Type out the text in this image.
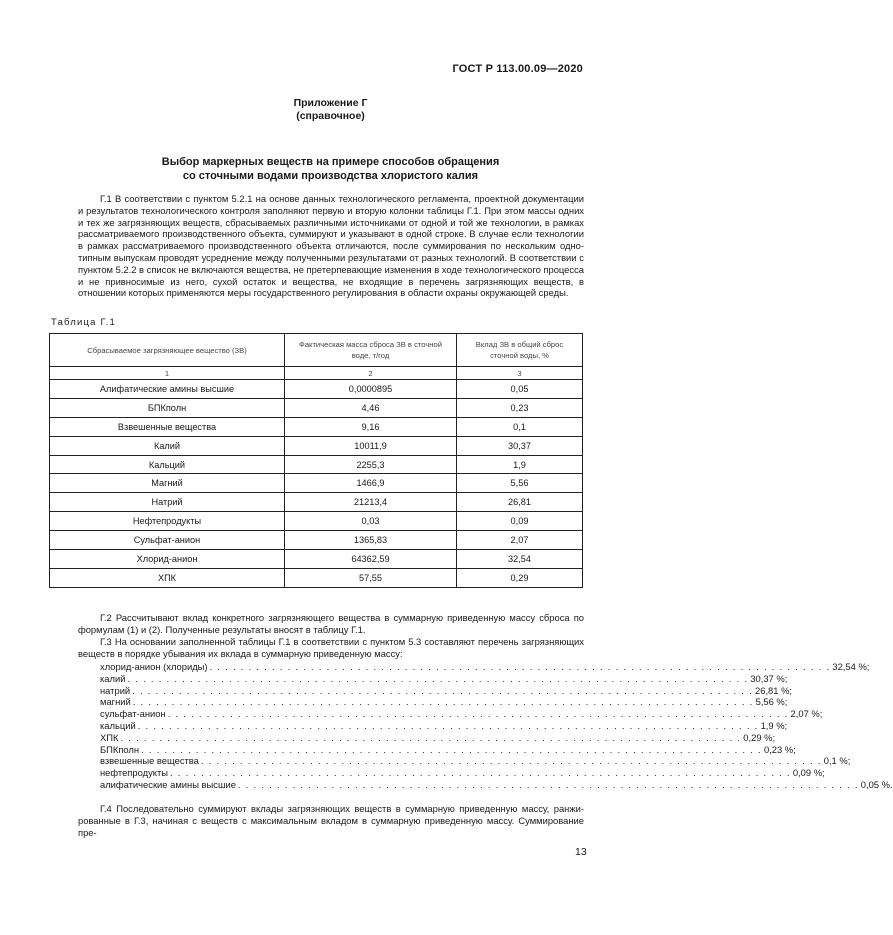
ГОСТ Р 113.00.09—2020
Приложение Г
(справочное)
Выбор маркерных веществ на примере способов обращения
со сточными водами производства хлористого калия
Г.1 В соответствии с пунктом 5.2.1 на основе данных технологического регламента, проектной документации и результатов технологического контроля заполняют первую и вторую колонки таблицы Г.1. При этом массы одних и тех же загрязняющих веществ, сбрасываемых различными источниками от одной и той же технологии, в рамках рассматриваемого производственного объекта, суммируют и указывают в одной строке. В случае если технологии в рамках рассматриваемого производственного объекта отличаются, после суммирования по нескольким однотипным выпускам проводят усреднение между полученными результатами от разных технологий. В соответствии с пунктом 5.2.2 в список не включаются вещества, не претерпевающие изменения в ходе технологического процесса и не привносимые из него, сухой остаток и вещества, не входящие в перечень загрязняющих веществ, в отношении которых применяются меры государственного регулирования в области охраны окружающей среды.
Таблица Г.1
Сбрасываемое загрязняющее вещество (ЗВ)	Фактическая масса сброса ЗВ в сточной воде, т/год	Вклад ЗВ в общий сброс сточной воды, %
1	2	3
Алифатические амины высшие	0,0000895	0,05
БПКполн	4,46	0,23
Взвешенные вещества	9,16	0,1
Калий	10011,9	30,37
Кальций	2255,3	1,9
Магний	1466,9	5,56
Натрий	21213,4	26,81
Нефтепродукты	0,03	0,09
Сульфат-анион	1365,83	2,07
Хлорид-анион	64362,59	32,54
ХПК	57,55	0,29
Г.2 Рассчитывают вклад конкретного загрязняющего вещества в суммарную приведенную массу сброса по формулам (1) и (2). Полученные результаты вносят в таблицу Г.1.
Г.3 На основании заполненной таблицы Г.1 в соответствии с пунктом 5.3 составляют перечень загрязняющих веществ в порядке убывания их вклада в суммарную приведенную массу:
хлорид-анион (хлориды) . . . . . . . . . . . . . . . . . . . . . . . . . . . . . . . . . . . . . . . . . . . . . . . . . . . . . . . . . . . . . . . . . . . . . . . . . . . . . . . . 32,54 %;
калий . . . . . . . . . . . . . . . . . . . . . . . . . . . . . . . . . . . . . . . . . . . . . . . . . . . . . . . . . . . . . . . . . . . . . . . . . . . . . . . . 30,37 %;
натрий . . . . . . . . . . . . . . . . . . . . . . . . . . . . . . . . . . . . . . . . . . . . . . . . . . . . . . . . . . . . . . . . . . . . . . . . . . . . . . . . 26,81 %;
магний . . . . . . . . . . . . . . . . . . . . . . . . . . . . . . . . . . . . . . . . . . . . . . . . . . . . . . . . . . . . . . . . . . . . . . . . . . . . . . . . 5,56 %;
сульфат-анион . . . . . . . . . . . . . . . . . . . . . . . . . . . . . . . . . . . . . . . . . . . . . . . . . . . . . . . . . . . . . . . . . . . . . . . . . . . . . . . . 2,07 %;
кальций . . . . . . . . . . . . . . . . . . . . . . . . . . . . . . . . . . . . . . . . . . . . . . . . . . . . . . . . . . . . . . . . . . . . . . . . . . . . . . . . 1,9 %;
ХПК . . . . . . . . . . . . . . . . . . . . . . . . . . . . . . . . . . . . . . . . . . . . . . . . . . . . . . . . . . . . . . . . . . . . . . . . . . . . . . . . 0,29 %;
БПКполн . . . . . . . . . . . . . . . . . . . . . . . . . . . . . . . . . . . . . . . . . . . . . . . . . . . . . . . . . . . . . . . . . . . . . . . . . . . . . . . . 0,23 %;
взвешенные вещества . . . . . . . . . . . . . . . . . . . . . . . . . . . . . . . . . . . . . . . . . . . . . . . . . . . . . . . . . . . . . . . . . . . . . . . . . . . . . . . . 0,1 %;
нефтепродукты . . . . . . . . . . . . . . . . . . . . . . . . . . . . . . . . . . . . . . . . . . . . . . . . . . . . . . . . . . . . . . . . . . . . . . . . . . . . . . . . 0,09 %;
алифатические амины высшие . . . . . . . . . . . . . . . . . . . . . . . . . . . . . . . . . . . . . . . . . . . . . . . . . . . . . . . . . . . . . . . . . . . . . . . . . . . . . . . . 0,05 %.
Г.4 Последовательно суммируют вклады загрязняющих веществ в суммарную приведенную массу, ранжированные в Г.3, начиная с веществ с максимальным вкладом в суммарную приведенную массу. Суммирование пре-
13
